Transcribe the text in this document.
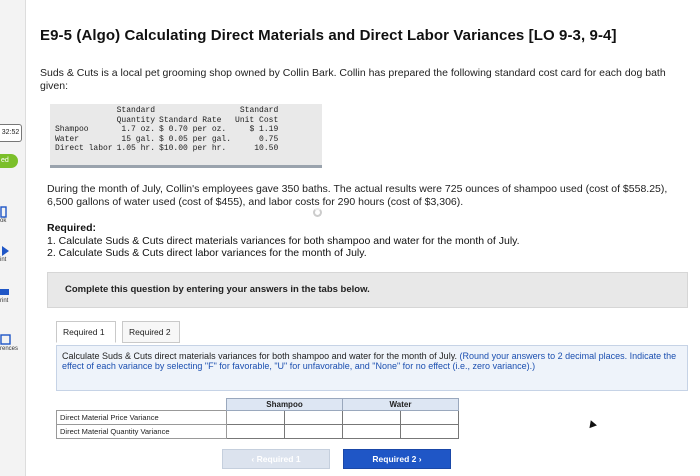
32:52
ed
ok
int
rint
rences
E9-5 (Algo) Calculating Direct Materials and Direct Labor Variances [LO 9-3, 9-4]
Suds & Cuts is a local pet grooming shop owned by Collin Bark. Collin has prepared the following standard cost card for each dog bath given:
	Standard		Standard
	Quantity	Standard Rate	Unit Cost
Shampoo	1.7 oz.	$ 0.70 per oz.	$ 1.19
Water	15 gal.	$ 0.05 per gal.	0.75
Direct labor	1.05 hr.	$10.00 per hr.	10.50
During the month of July, Collin's employees gave 350 baths. The actual results were 725 ounces of shampoo used (cost of $558.25), 6,500 gallons of water used (cost of $455), and labor costs for 290 hours (cost of $3,306).
Required:
1. Calculate Suds & Cuts direct materials variances for both shampoo and water for the month of July.
2. Calculate Suds & Cuts direct labor variances for the month of July.
Complete this question by entering your answers in the tabs below.
Required 1	Required 2
Calculate Suds & Cuts direct materials variances for both shampoo and water for the month of July. (Round your answers to 2 decimal places. Indicate the effect of each variance by selecting "F" for favorable, "U" for unfavorable, and "None" for no effect (i.e., zero variance).)
	Shampoo		Water	
Direct Material Price Variance				
Direct Material Quantity Variance				
‹ Required 1	Required 2 ›
